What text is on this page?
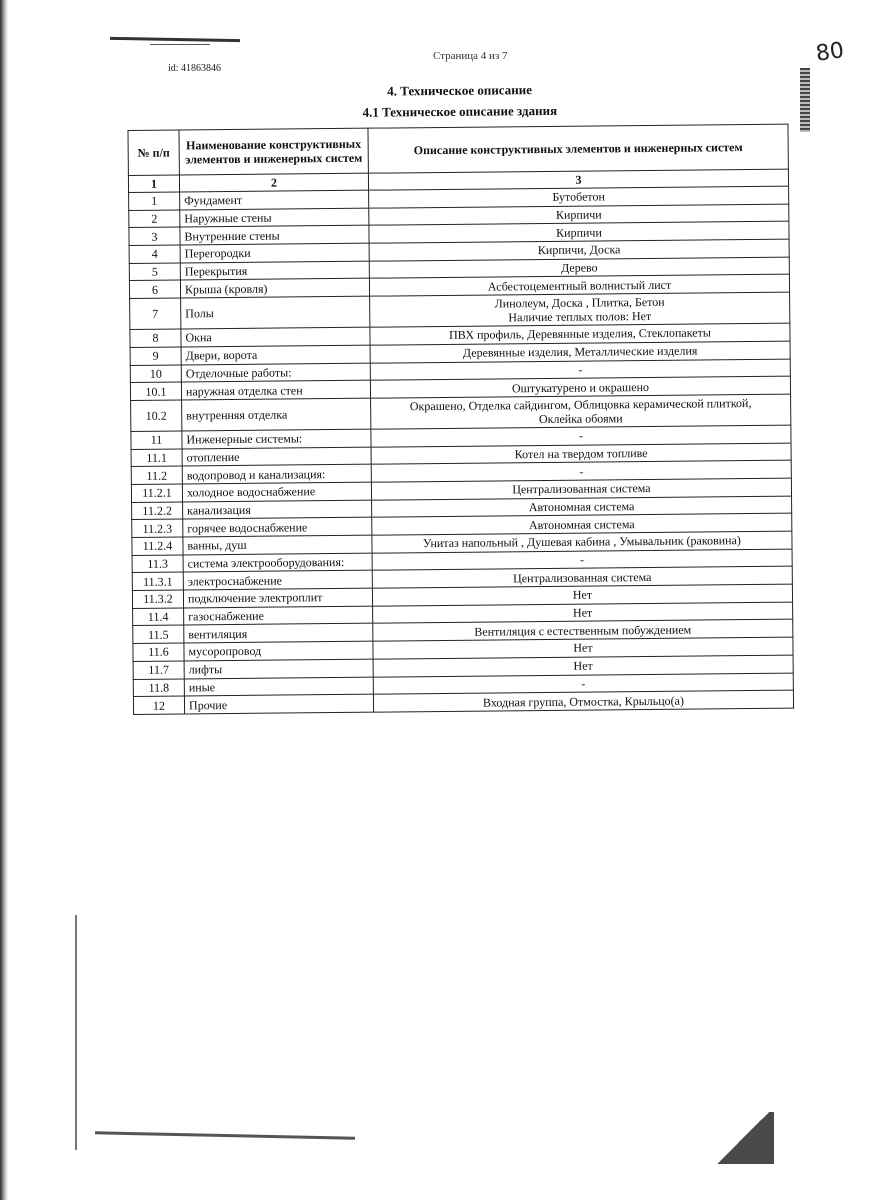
Страница 4 из 7
id: 41863846
80

4. Техническое описание

4.1 Техническое описание здания

№ п/п	Наименование конструктивных элементов и инженерных систем	Описание конструктивных элементов и инженерных систем
1	2	3
1	Фундамент	Бутобетон
2	Наружные стены	Кирпичи
3	Внутренние стены	Кирпичи
4	Перегородки	Кирпичи, Доска
5	Перекрытия	Дерево
6	Крыша (кровля)	Асбестоцементный волнистый лист
7	Полы	Линолеум, Доска , Плитка, Бетон
Наличие теплых полов: Нет

8	Окна	ПВХ профиль, Деревянные изделия, Стеклопакеты
9	Двери, ворота	Деревянные изделия, Металлические изделия
10	Отделочные работы:	-
10.1	наружная отделка стен	Оштукатурено и окрашено
10.2	внутренняя отделка	Окрашено, Отделка сайдингом, Облицовка керамической плиткой,
Оклейка обоями

11	Инженерные системы:	-
11.1	отопление	Котел на твердом топливе
11.2	водопровод и канализация:	-
11.2.1	холодное водоснабжение	Централизованная система
11.2.2	канализация	Автономная система
11.2.3	горячее водоснабжение	Автономная система
11.2.4	ванны, душ	Унитаз напольный , Душевая кабина , Умывальник (раковина)
11.3	система электрооборудования:	-
11.3.1	электроснабжение	Централизованная система
11.3.2	подключение электроплит	Нет
11.4	газоснабжение	Нет
11.5	вентиляция	Вентиляция с естественным побуждением
11.6	мусоропровод	Нет
11.7	лифты	Нет
11.8	иные	-
12	Прочие	Входная группа, Отмостка, Крыльцо(а)
